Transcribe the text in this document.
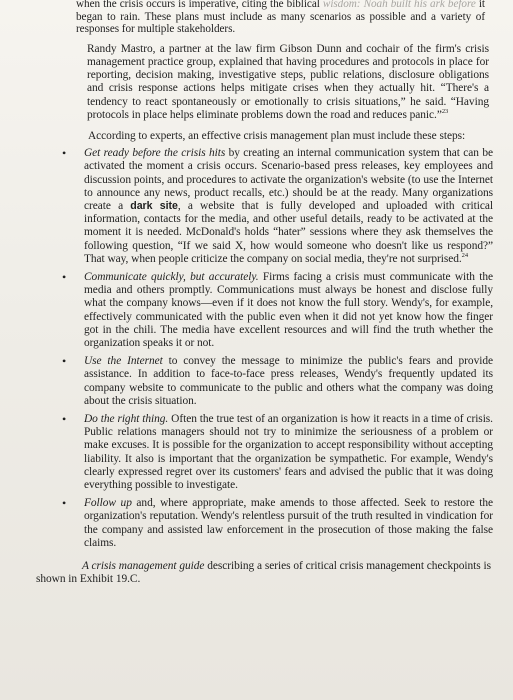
when the crisis occurs is imperative, citing the biblical wisdom: Noah built his ark before it began to rain. These plans must include as many scenarios as possible and a variety of responses for multiple stakeholders.

Randy Mastro, a partner at the law firm Gibson Dunn and cochair of the firm's crisis management practice group, explained that having procedures and protocols in place for reporting, decision making, investigative steps, public relations, disclosure obligations and crisis response actions helps mitigate crises when they actually hit. “There's a tendency to react spontaneously or emotionally to crisis situations,” he said. “Having protocols in place helps eliminate problems down the road and reduces panic.”$^{23}$

According to experts, an effective crisis management plan must include these steps:

• Get ready before the crisis hits by creating an internal communication system that can be activated the moment a crisis occurs. Scenario-based press releases, key employees and discussion points, and procedures to activate the organization's website (to use the Internet to announce any news, product recalls, etc.) should be at the ready. Many organizations create a dark site, a website that is fully developed and uploaded with critical information, contacts for the media, and other useful details, ready to be activated at the moment it is needed. McDonald's holds “hater” sessions where they ask themselves the following question, “If we said X, how would someone who doesn't like us respond?” That way, when people criticize the company on social media, they're not surprised.$^{24}$

• Communicate quickly, but accurately. Firms facing a crisis must communicate with the media and others promptly. Communications must always be honest and disclose fully what the company knows—even if it does not know the full story. Wendy's, for example, effectively communicated with the public even when it did not yet know how the finger got in the chili. The media have excellent resources and will find the truth whether the organization speaks it or not.

• Use the Internet to convey the message to minimize the public's fears and provide assistance. In addition to face-to-face press releases, Wendy's frequently updated its company website to communicate to the public and others what the company was doing about the crisis situation.

• Do the right thing. Often the true test of an organization is how it reacts in a time of crisis. Public relations managers should not try to minimize the seriousness of a problem or make excuses. It is possible for the organization to accept responsibility without accepting liability. It also is important that the organization be sympathetic. For example, Wendy's clearly expressed regret over its customers' fears and advised the public that it was doing everything possible to investigate.

• Follow up and, where appropriate, make amends to those affected. Seek to restore the organization's reputation. Wendy's relentless pursuit of the truth resulted in vindication for the company and assisted law enforcement in the prosecution of those making the false claims.

A crisis management guide describing a series of critical crisis management checkpoints is shown in Exhibit 19.C.
